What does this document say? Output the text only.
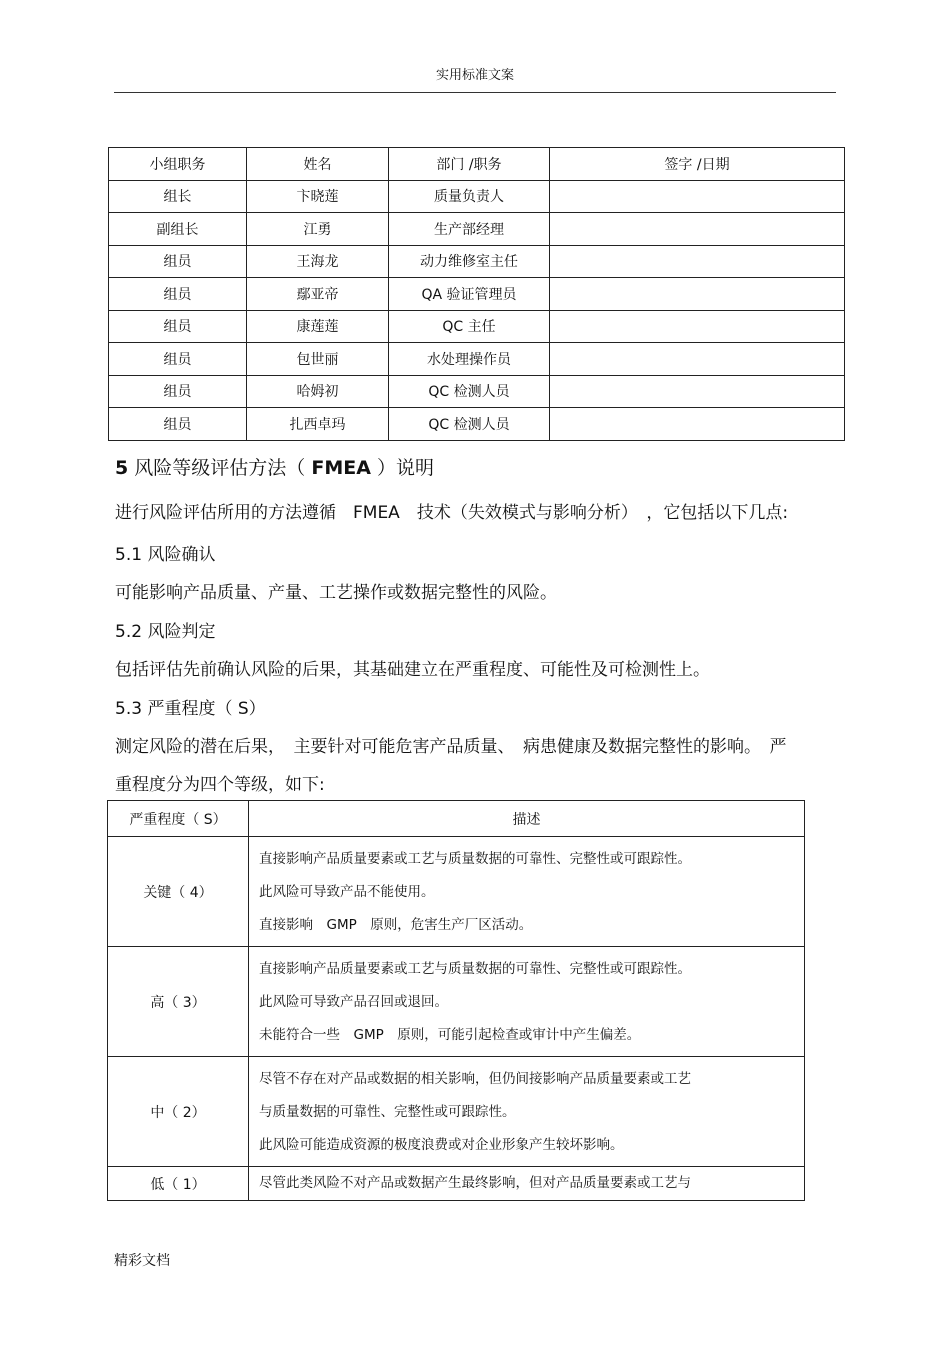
实用标准文案
小组职务	姓名	部门 /职务	签字 /日期
组长	卞晓莲	质量负责人	
副组长	江勇	生产部经理	
组员	王海龙	动力维修室主任	
组员	鄢亚帝	QA 验证管理员	
组员	康莲莲	QC 主任	
组员	包世丽	水处理操作员	
组员	哈姆初	QC 检测人员	
组员	扎西卓玛	QC 检测人员	
5 风险等级评估方法（ FMEA ）说明
进行风险评估所用的方法遵循　FMEA　技术（失效模式与影响分析）　，它包括以下几点:
5.1 风险确认
可能影响产品质量、产量、工艺操作或数据完整性的风险。
5.2 风险判定
包括评估先前确认风险的后果，其基础建立在严重程度、可能性及可检测性上。
5.3 严重程度（ S）
测定风险的潜在后果，　主要针对可能危害产品质量、　病患健康及数据完整性的影响。　严
重程度分为四个等级，如下:
严重程度（ S）	描述
关键（ 4）	直接影响产品质量要素或工艺与质量数据的可靠性、完整性或可跟踪性。
此风险可导致产品不能使用。
直接影响　GMP　原则，危害生产厂区活动。

高（ 3）	直接影响产品质量要素或工艺与质量数据的可靠性、完整性或可跟踪性。
此风险可导致产品召回或退回。
未能符合一些　GMP　原则，可能引起检查或审计中产生偏差。

中（ 2）	尽管不存在对产品或数据的相关影响，但仍间接影响产品质量要素或工艺
与质量数据的可靠性、完整性或可跟踪性。
此风险可能造成资源的极度浪费或对企业形象产生较坏影响。

低（ 1）	尽管此类风险不对产品或数据产生最终影响，但对产品质量要素或工艺与
精彩文档
